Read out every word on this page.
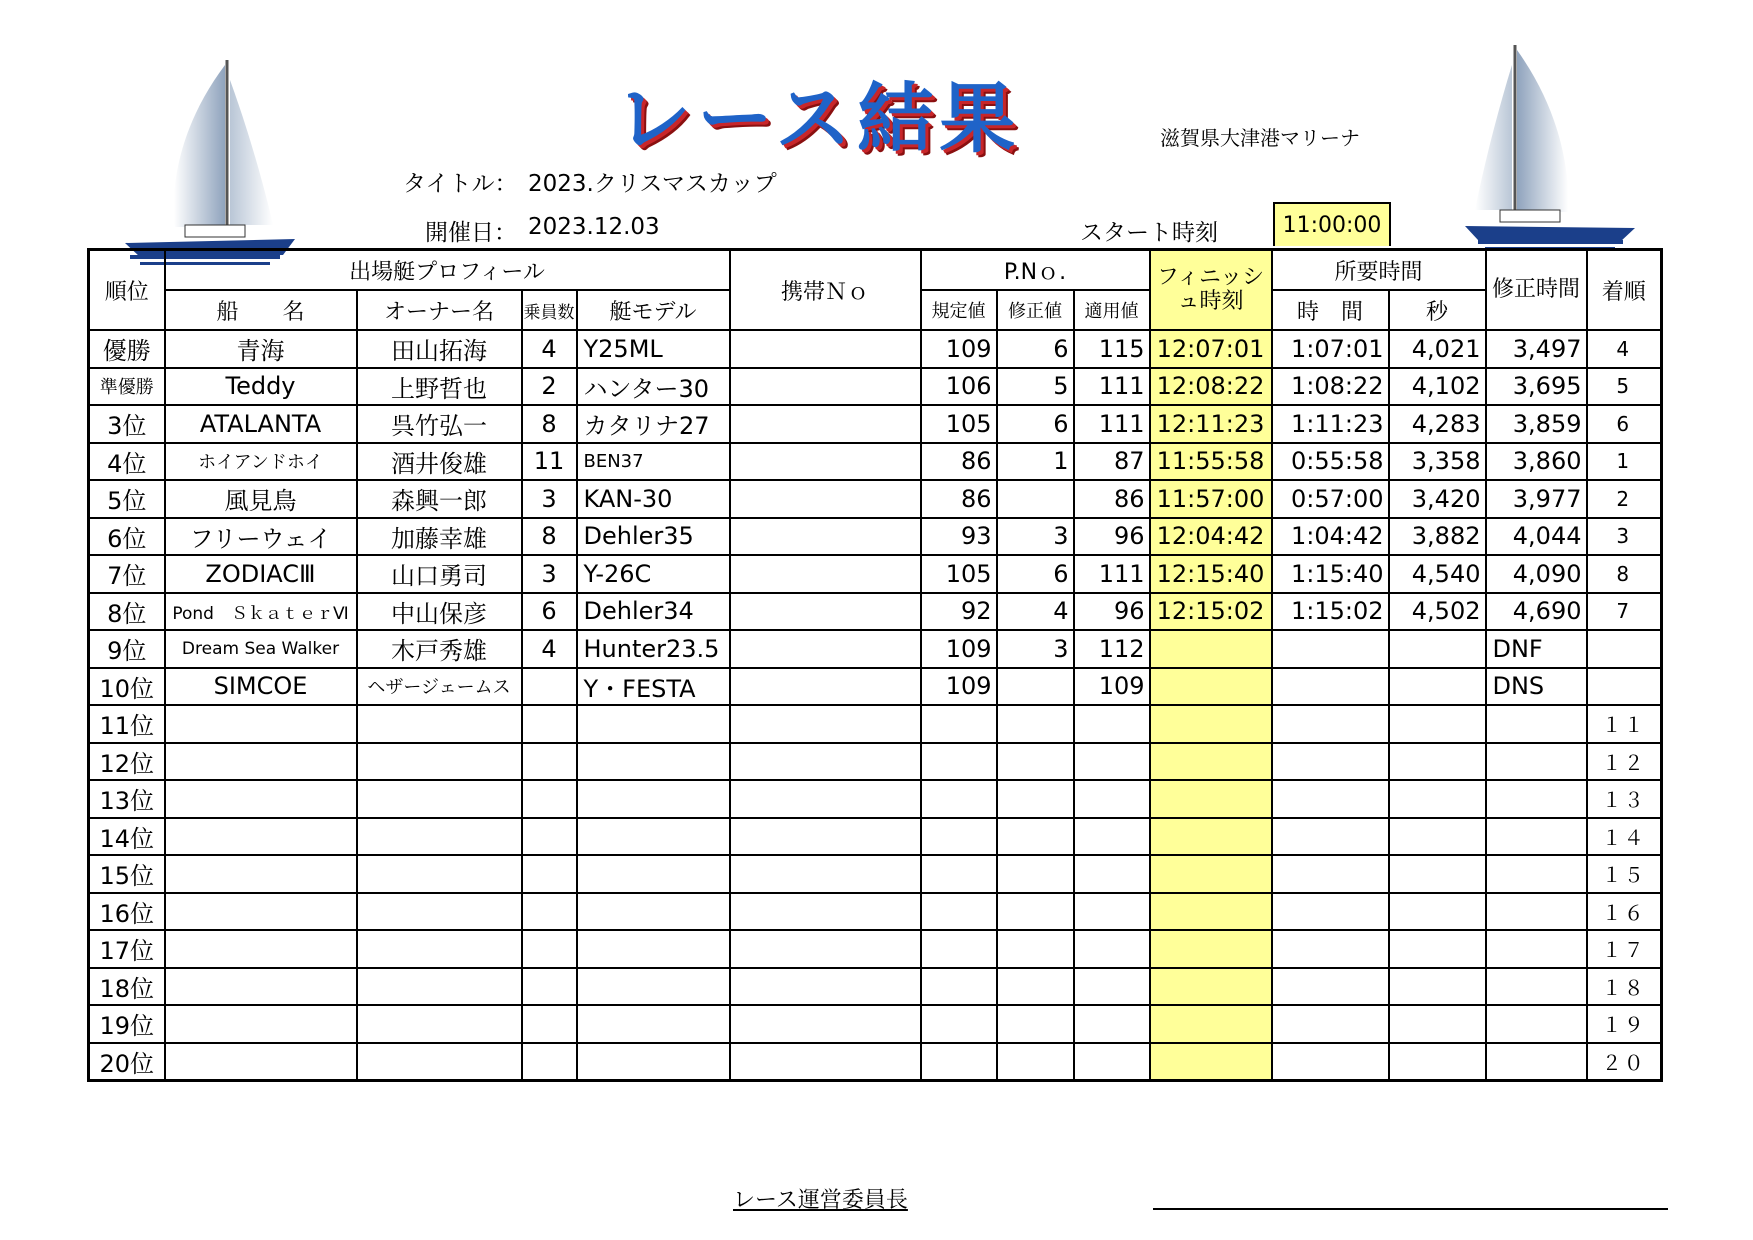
レース結果	滋賀県大津港マリーナ
タイトル： 2023.クリスマスカップ
開催日： 2023.12.03	スタート時刻	11:00:00
順位	出場艇プロフィール				携帯Ｎｏ	P.Nｏ.			フィニッシュ時刻	所要時間		修正時間	着順
	船　　名	オーナー名	乗員数	艇モデル		規定値	修正値	適用値		時　間	秒		
優勝	青海	田山拓海	4	Y25ML		109	6	115	12:07:01	1:07:01	4,021	3,497	4
準優勝	Teddy	上野哲也	2	ハンター30		106	5	111	12:08:22	1:08:22	4,102	3,695	5
3位	ATALANTA	呉竹弘一	8	カタリナ27		105	6	111	12:11:23	1:11:23	4,283	3,859	6
4位	ホイアンドホイ	酒井俊雄	11	BEN37		86	1	87	11:55:58	0:55:58	3,358	3,860	1
5位	風見鳥	森興一郎	3	KAN-30		86		86	11:57:00	0:57:00	3,420	3,977	2
6位	フリーウェイ	加藤幸雄	8	Dehler35		93	3	96	12:04:42	1:04:42	3,882	4,044	3
7位	ZODIACⅢ	山口勇司	3	Y-26C		105	6	111	12:15:40	1:15:40	4,540	4,090	8
8位	Pond　ＳｋａｔｅｒⅥ	中山保彦	6	Dehler34		92	4	96	12:15:02	1:15:02	4,502	4,690	7
9位	Dream Sea Walker	木戸秀雄	4	Hunter23.5		109	3	112				DNF	
10位	SIMCOE	ヘザージェームス		Y・FESTA		109		109				DNS	
11位													１１
12位													１２
13位													１３
14位													１４
15位													１５
16位													１６
17位													１７
18位													１８
19位													１９
20位													２０
レース運営委員長
